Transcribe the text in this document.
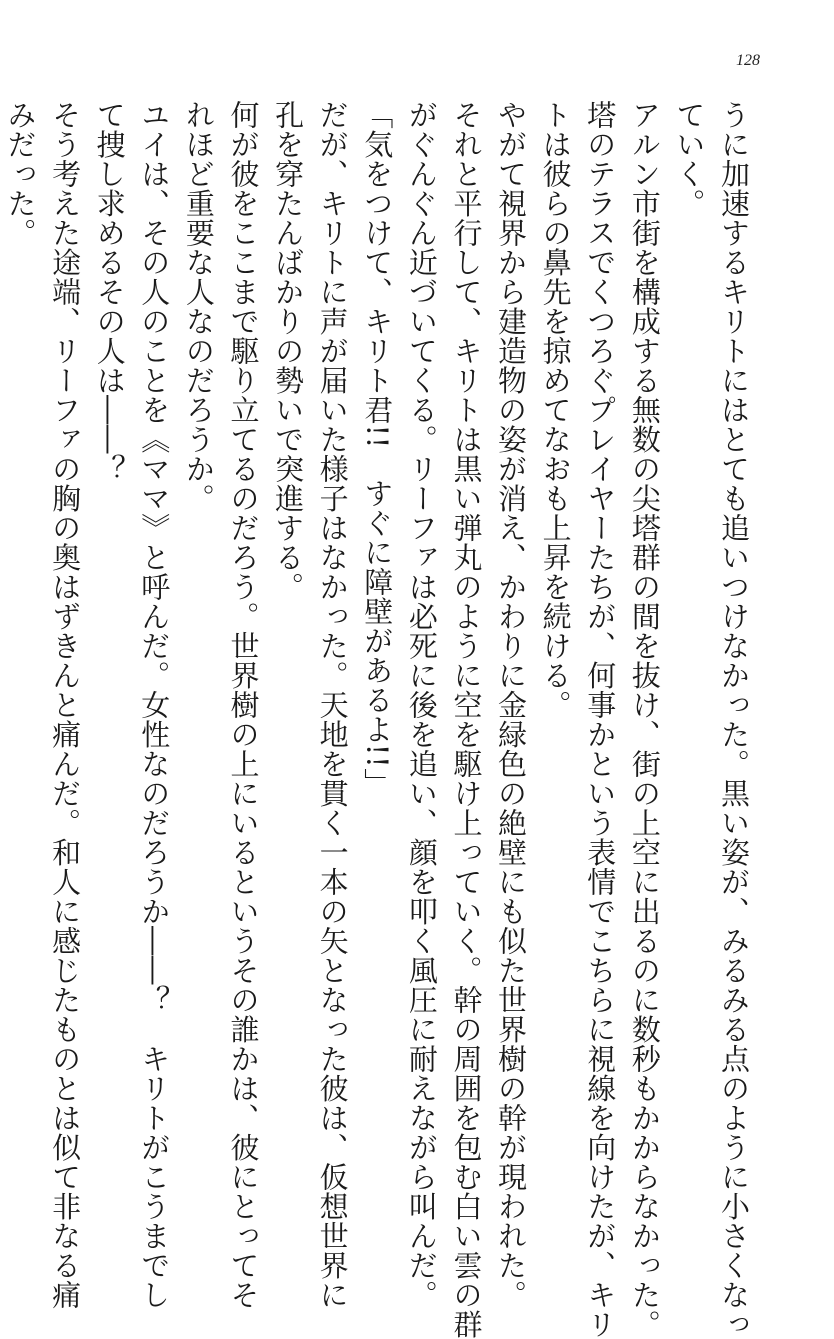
128

うに加速するキリトにはとても追いつけなかった。黒い姿が、みるみる点のように小さくなっ

ていく。

アルン市街を構成する無数の尖塔群の間を抜け、街の上空に出るのに数秒もかからなかった。

塔のテラスでくつろぐプレイヤーたちが、何事かという表情でこちらに視線を向けたが、キリ

トは彼らの鼻先を掠めてなおも上昇を続ける。

やがて視界から建造物の姿が消え、かわりに金緑色の絶壁にも似た世界樹の幹が現われた。

それと平行して、キリトは黒い弾丸のように空を駆け上っていく。幹の周囲を包む白い雲の群

がぐんぐん近づいてくる。リーファは必死に後を追い、顔を叩く風圧に耐えながら叫んだ。

「気をつけて、キリト君!!　すぐに障壁があるよ!!」

だが、キリトに声が届いた様子はなかった。天地を貫く一本の矢となった彼は、仮想世界に

孔を穿たんばかりの勢いで突進する。

何が彼をここまで駆り立てるのだろう。世界樹の上にいるというその誰かは、彼にとってそ

れほど重要な人なのだろうか。

ユイは、その人のことを《ママ》と呼んだ。女性なのだろうか――？　キリトがこうまでし

て捜し求めるその人は――？

そう考えた途端、リーファの胸の奥はずきんと痛んだ。和人に感じたものとは似て非なる痛

みだった。
